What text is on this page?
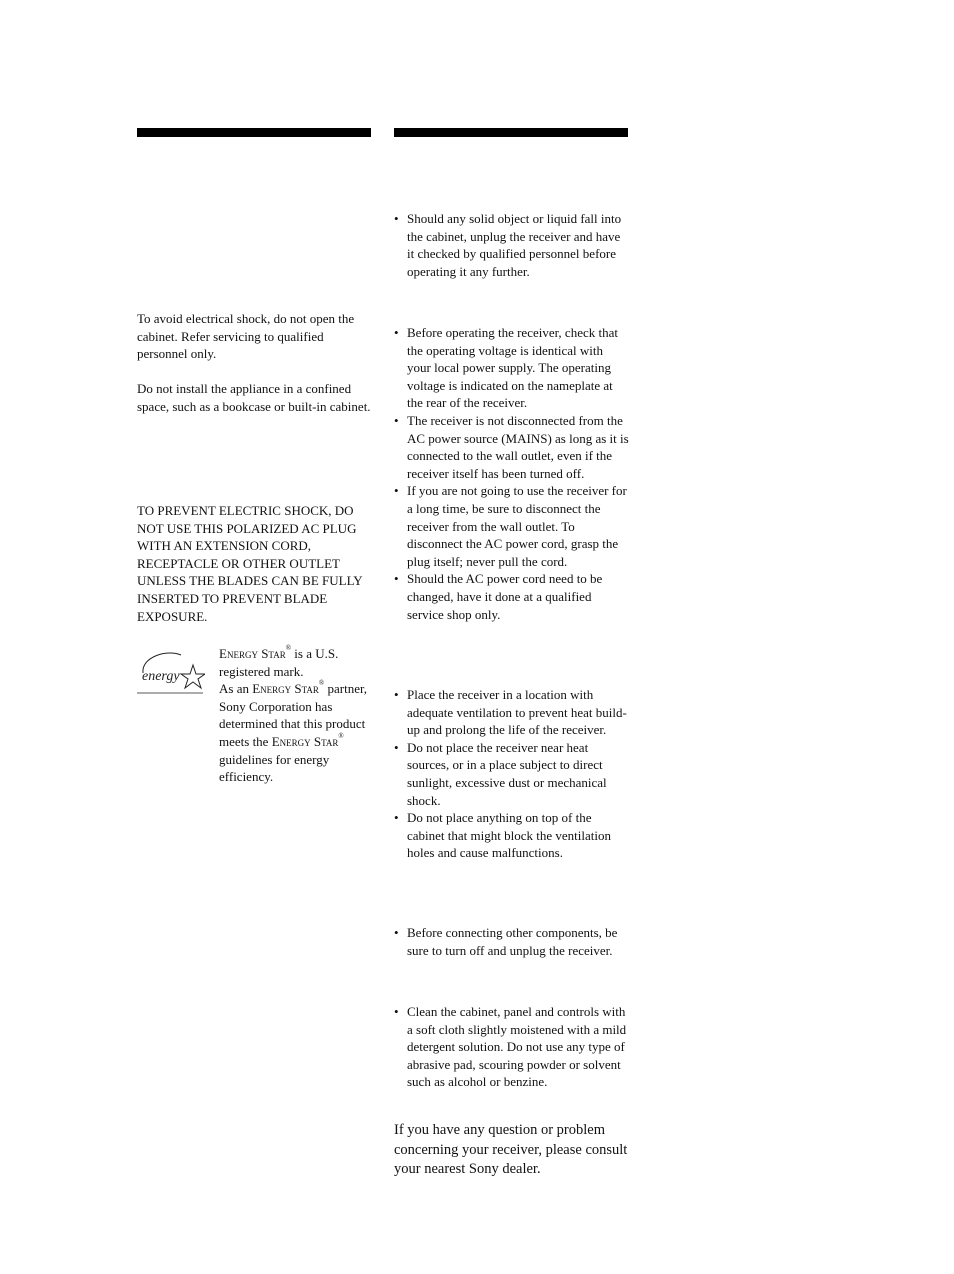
To avoid electrical shock, do not open the cabinet. Refer servicing to qualified personnel only.

Do not install the appliance in a confined space, such as a bookcase or built-in cabinet.

TO PREVENT ELECTRIC SHOCK, DO NOT USE THIS POLARIZED AC PLUG WITH AN EXTENSION CORD, RECEPTACLE OR OTHER OUTLET UNLESS THE BLADES CAN BE FULLY INSERTED TO PREVENT BLADE EXPOSURE.

energy
Energy Star® is a U.S. registered mark.
As an Energy Star® partner, Sony Corporation has determined that this product meets the Energy Star® guidelines for energy efficiency.
• Should any solid object or liquid fall into the cabinet, unplug the receiver and have it checked by qualified personnel before operating it any further.
• Before operating the receiver, check that the operating voltage is identical with your local power supply. The operating voltage is indicated on the nameplate at the rear of the receiver.
• The receiver is not disconnected from the AC power source (MAINS) as long as it is connected to the wall outlet, even if the receiver itself has been turned off.
• If you are not going to use the receiver for a long time, be sure to disconnect the receiver from the wall outlet. To disconnect the AC power cord, grasp the plug itself; never pull the cord.
• Should the AC power cord need to be changed, have it done at a qualified service shop only.
• Place the receiver in a location with adequate ventilation to prevent heat build-up and prolong the life of the receiver.
• Do not place the receiver near heat sources, or in a place subject to direct sunlight, excessive dust or mechanical shock.
• Do not place anything on top of the cabinet that might block the ventilation holes and cause malfunctions.
• Before connecting other components, be sure to turn off and unplug the receiver.
• Clean the cabinet, panel and controls with a soft cloth slightly moistened with a mild detergent solution. Do not use any type of abrasive pad, scouring powder or solvent such as alcohol or benzine.

If you have any question or problem concerning your receiver, please consult your nearest Sony dealer.
